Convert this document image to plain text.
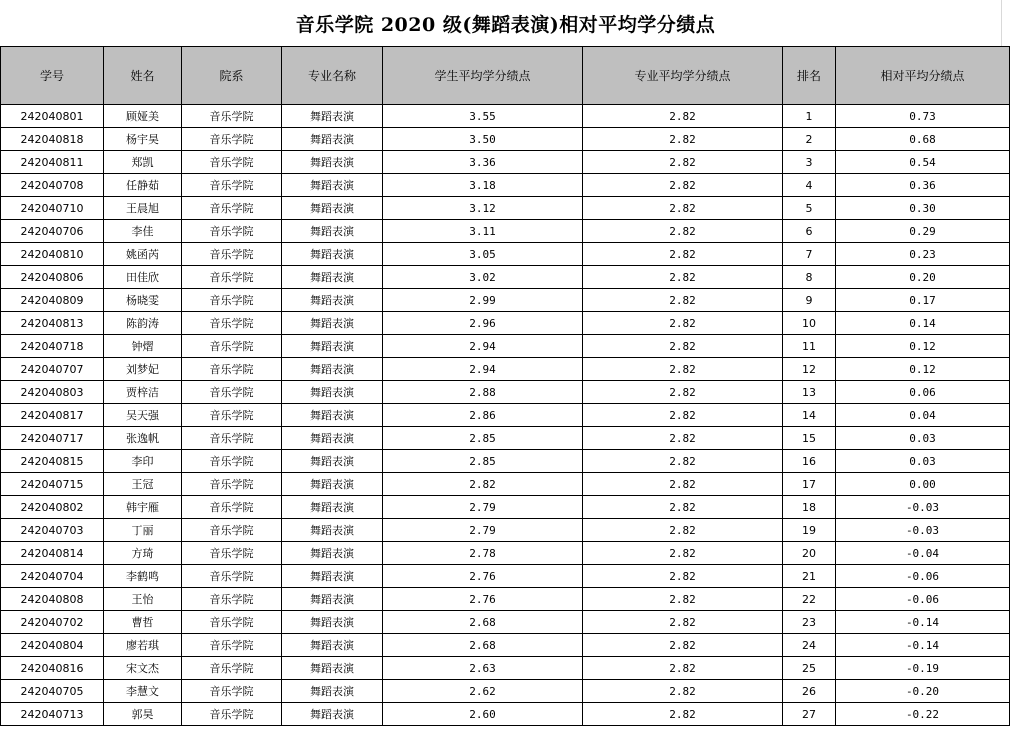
音乐学院 2020 级(舞蹈表演)相对平均学分绩点
学号	姓名	院系	专业名称	学生平均学分绩点	专业平均学分绩点	排名	相对平均分绩点
242040801	顾娅美	音乐学院	舞蹈表演	3.55	2.82	1	0.73
242040818	杨宇昊	音乐学院	舞蹈表演	3.50	2.82	2	0.68
242040811	郑凯	音乐学院	舞蹈表演	3.36	2.82	3	0.54
242040708	任静茹	音乐学院	舞蹈表演	3.18	2.82	4	0.36
242040710	王晨旭	音乐学院	舞蹈表演	3.12	2.82	5	0.30
242040706	李佳	音乐学院	舞蹈表演	3.11	2.82	6	0.29
242040810	姚函芮	音乐学院	舞蹈表演	3.05	2.82	7	0.23
242040806	田佳欣	音乐学院	舞蹈表演	3.02	2.82	8	0.20
242040809	杨晓雯	音乐学院	舞蹈表演	2.99	2.82	9	0.17
242040813	陈韵涛	音乐学院	舞蹈表演	2.96	2.82	10	0.14
242040718	钟熠	音乐学院	舞蹈表演	2.94	2.82	11	0.12
242040707	刘梦妃	音乐学院	舞蹈表演	2.94	2.82	12	0.12
242040803	贾梓洁	音乐学院	舞蹈表演	2.88	2.82	13	0.06
242040817	吴天强	音乐学院	舞蹈表演	2.86	2.82	14	0.04
242040717	张逸帆	音乐学院	舞蹈表演	2.85	2.82	15	0.03
242040815	李印	音乐学院	舞蹈表演	2.85	2.82	16	0.03
242040715	王冠	音乐学院	舞蹈表演	2.82	2.82	17	0.00
242040802	韩宇雁	音乐学院	舞蹈表演	2.79	2.82	18	-0.03
242040703	丁丽	音乐学院	舞蹈表演	2.79	2.82	19	-0.03
242040814	方琦	音乐学院	舞蹈表演	2.78	2.82	20	-0.04
242040704	李鹤鸣	音乐学院	舞蹈表演	2.76	2.82	21	-0.06
242040808	王怡	音乐学院	舞蹈表演	2.76	2.82	22	-0.06
242040702	曹哲	音乐学院	舞蹈表演	2.68	2.82	23	-0.14
242040804	廖若琪	音乐学院	舞蹈表演	2.68	2.82	24	-0.14
242040816	宋文杰	音乐学院	舞蹈表演	2.63	2.82	25	-0.19
242040705	李慧文	音乐学院	舞蹈表演	2.62	2.82	26	-0.20
242040713	郭昊	音乐学院	舞蹈表演	2.60	2.82	27	-0.22
